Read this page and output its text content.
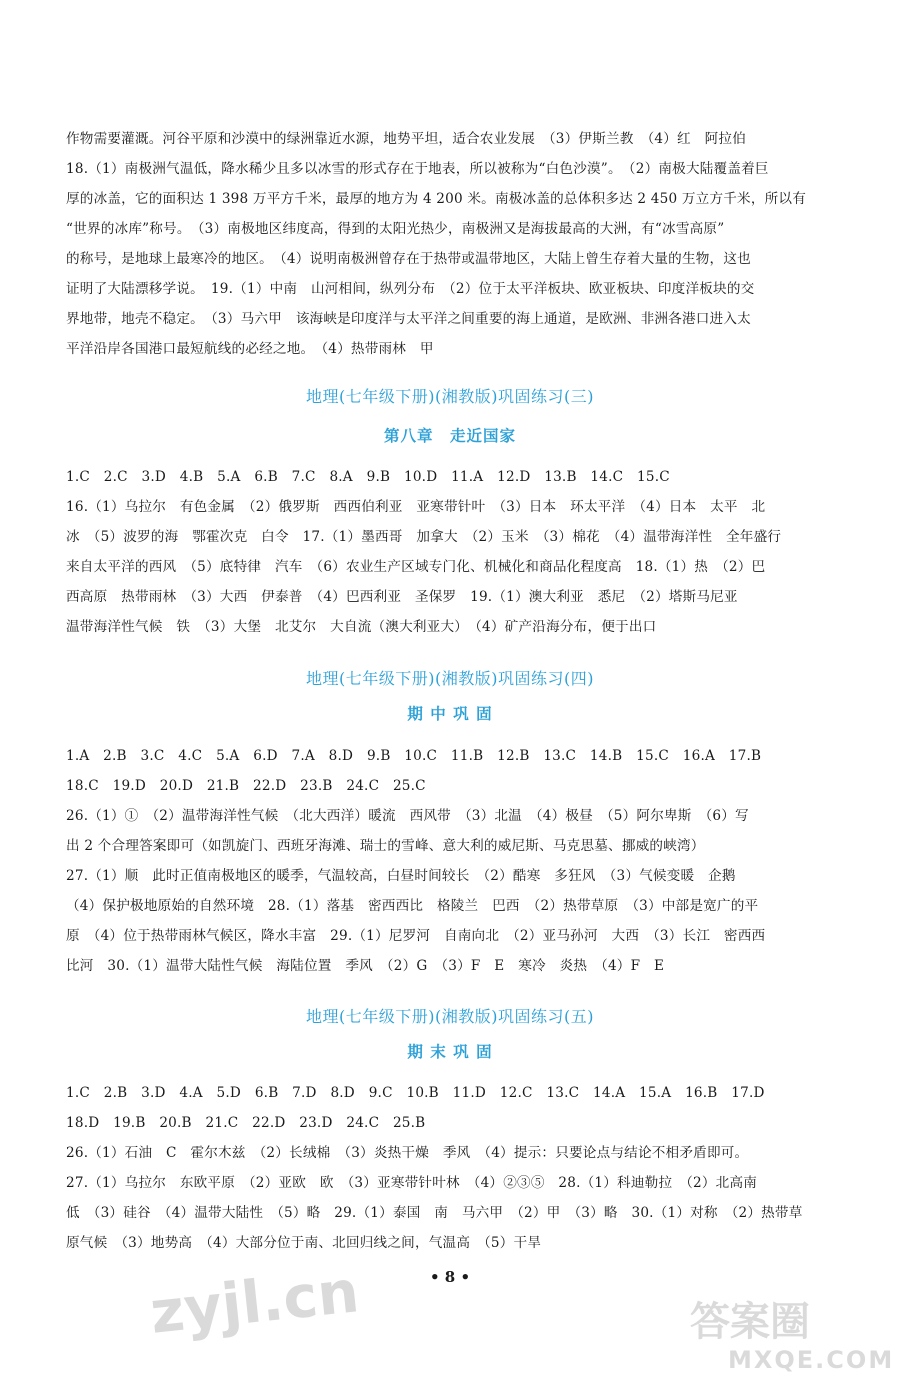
作物需要灌溉。河谷平原和沙漠中的绿洲靠近水源，地势平坦，适合农业发展　（3）伊斯兰教　（4）红　阿拉伯
18.（1）南极洲气温低，降水稀少且多以冰雪的形式存在于地表，所以被称为“白色沙漠”。　（2）南极大陆覆盖着巨
厚的冰盖，它的面积达 1 398 万平方千米，最厚的地方为 4 200 米。南极冰盖的总体积多达 2 450 万立方千米，所以有
“世界的冰库”称号。　（3）南极地区纬度高，得到的太阳光热少，南极洲又是海拔最高的大洲，有“冰雪高原”
的称号，是地球上最寒冷的地区。　（4）说明南极洲曾存在于热带或温带地区，大陆上曾生存着大量的生物，这也
证明了大陆漂移学说。　19.（1）中南　山河相间，纵列分布　（2）位于太平洋板块、欧亚板块、印度洋板块的交
界地带，地壳不稳定。　（3）马六甲　该海峡是印度洋与太平洋之间重要的海上通道，是欧洲、非洲各港口进入太
平洋沿岸各国港口最短航线的必经之地。　（4）热带雨林　甲
地理(七年级下册)(湘教版)巩固练习(三)
第八章　走近国家
1.C　2.C　3.D　4.B　5.A　6.B　7.C　8.A　9.B　10.D　11.A　12.D　13.B　14.C　15.C
16.（1）乌拉尔　有色金属　（2）俄罗斯　西西伯利亚　亚寒带针叶　（3）日本　环太平洋　（4）日本　太平　北
冰　（5）波罗的海　鄂霍次克　白令　17.（1）墨西哥　加拿大　（2）玉米　（3）棉花　（4）温带海洋性　全年盛行
来自太平洋的西风　（5）底特律　汽车　（6）农业生产区域专门化、机械化和商品化程度高　18.（1）热　（2）巴
西高原　热带雨林　（3）大西　伊泰普　（4）巴西利亚　圣保罗　19.（1）澳大利亚　悉尼　（2）塔斯马尼亚
温带海洋性气候　铁　（3）大堡　北艾尔　大自流（澳大利亚大）　（4）矿产沿海分布，便于出口
地理(七年级下册)(湘教版)巩固练习(四)
期 中 巩 固
1.A　2.B　3.C　4.C　5.A　6.D　7.A　8.D　9.B　10.C　11.B　12.B　13.C　14.B　15.C　16.A　17.B
18.C　19.D　20.D　21.B　22.D　23.B　24.C　25.C
26.（1）①　（2）温带海洋性气候　（北大西洋）暖流　西风带　（3）北温　（4）极昼　（5）阿尔卑斯　（6）写
出 2 个合理答案即可（如凯旋门、西班牙海滩、瑞士的雪峰、意大利的威尼斯、马克思墓、挪威的峡湾）
27.（1）顺　此时正值南极地区的暖季，气温较高，白昼时间较长　（2）酷寒　多狂风　（3）气候变暖　企鹅
（4）保护极地原始的自然环境　28.（1）落基　密西西比　格陵兰　巴西　（2）热带草原　（3）中部是宽广的平
原　（4）位于热带雨林气候区，降水丰富　29.（1）尼罗河　自南向北　（2）亚马孙河　大西　（3）长江　密西西
比河　30.（1）温带大陆性气候　海陆位置　季风　（2）G　（3）F　E　寒冷　炎热　（4）F　E
地理(七年级下册)(湘教版)巩固练习(五)
期 末 巩 固
1.C　2.B　3.D　4.A　5.D　6.B　7.D　8.D　9.C　10.B　11.D　12.C　13.C　14.A　15.A　16.B　17.D
18.D　19.B　20.B　21.C　22.D　23.D　24.C　25.B
26.（1）石油　C　霍尔木兹　（2）长绒棉　（3）炎热干燥　季风　（4）提示：只要论点与结论不相矛盾即可。
27.（1）乌拉尔　东欧平原　（2）亚欧　欧　（3）亚寒带针叶林　（4）②③⑤　28.（1）科迪勒拉　（2）北高南
低　（3）硅谷　（4）温带大陆性　（5）略　29.（1）泰国　南　马六甲　（2）甲　（3）略　30.（1）对称　（2）热带草
原气候　（3）地势高　（4）大部分位于南、北回归线之间，气温高　（5）干旱
• 8 •
zyjl.cn	答案圈
MXQE.COM
